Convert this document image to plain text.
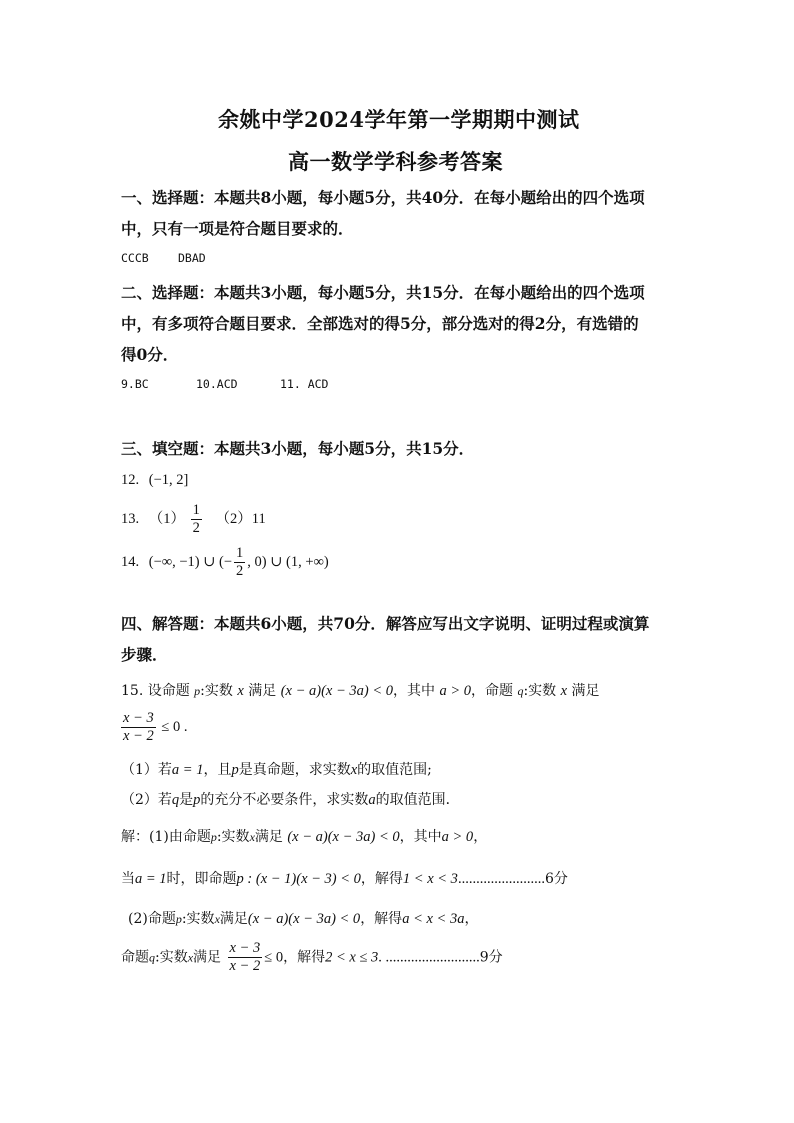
余姚中学2024学年第一学期期中测试
高一数学学科参考答案
一、选择题：本题共8小题，每小题5分，共40分．在每小题给出的四个选项
中，只有一项是符合题目要求的．
CCCB	DBAD
二、选择题：本题共3小题，每小题5分，共15分．在每小题给出的四个选项
中，有多项符合题目要求．全部选对的得5分，部分选对的得2分，有选错的
得0分．
9.BC	10.ACD	11. ACD
三、填空题：本题共3小题，每小题5分，共15分．
12. (−1, 2]
13. $(1) \frac{1}{2} (2)11$
14. (−∞, −1) ∪ (− $\frac{1}{2}$ , 0) ∪ (1, +∞)
四、解答题：本题共6小题，共70分．解答应写出文字说明、证明过程或演算
步骤．
15. 设命题 p:实数 x 满足 (x − a)(x − 3a) < 0，其中 a > 0，命题 q:实数 x 满足
$\frac{x - 3}{x - 2} \le 0$ .
（1）若a = 1，且p是真命题，求实数x的取值范围;
（2）若q是p的充分不必要条件，求实数a的取值范围．
解：(1)由命题p:实数x满足 (x − a)(x − 3a) < 0，其中a > 0，
当a = 1时，即命题p : (x − 1)(x − 3) < 0，解得1 < x < 3........................6分
(2)命题p:实数x满足(x − a)(x − 3a) < 0，解得a < x < 3a，
命题q:实数x满足 $\frac{x - 3}{x - 2} \le 0$，解得2 < x ≤ 3. ..........................9分
